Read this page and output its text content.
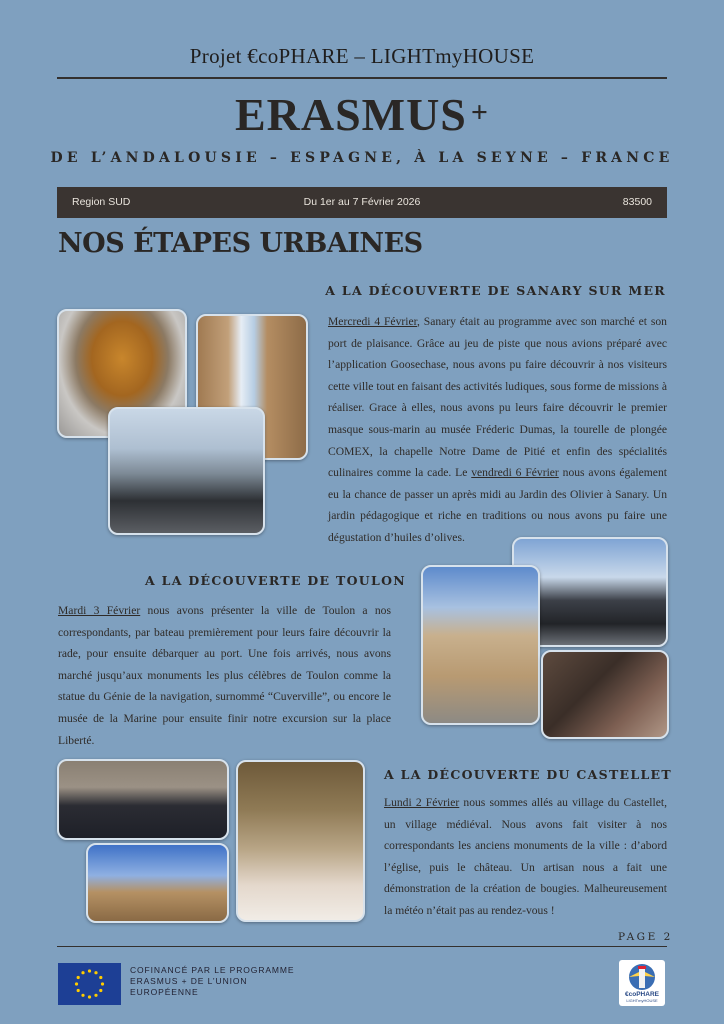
Projet €coPHARE – LIGHTmyHOUSE
ERASMUS +
DE L’ANDALOUSIE – ESPAGNE, À LA SEYNE – FRANCE
Region SUD	Du 1er au 7 Février 2026	83500
NOS ÉTAPES URBAINES
A LA DÉCOUVERTE DE SANARY SUR MER
Mercredi 4 Février, Sanary était au programme avec son marché et son port de plaisance. Grâce au jeu de piste que nous avions préparé avec l’application Goosechase, nous avons pu faire découvrir à nos visiteurs cette ville tout en faisant des activités ludiques, sous forme de missions à réaliser. Grace à elles, nous avons pu leurs faire découvrir le premier masque sous-marin au musée Fréderic Dumas, la tourelle de plongée COMEX, la chapelle Notre Dame de Pitié et enfin des spécialités culinaires comme la cade. Le vendredi 6 Février nous avons également eu la chance de passer un après midi au Jardin des Olivier à Sanary. Un jardin pédagogique et riche en traditions ou nous avons pu faire une dégustation d’huiles d’olives.
A LA DÉCOUVERTE DE TOULON
Mardi 3 Février nous avons présenter la ville de Toulon a nos correspondants, par bateau premièrement pour leurs faire découvrir la rade, pour ensuite débarquer au port. Une fois arrivés, nous avons marché jusqu’aux monuments les plus célèbres de Toulon comme la statue du Génie de la navigation, surnommé “Cuverville”, ou encore le musée de la Marine pour ensuite finir notre excursion sur la place Liberté.
A LA DÉCOUVERTE DU CASTELLET
Lundi 2 Février nous sommes allés au village du Castellet, un village médiéval. Nous avons fait visiter à nos correspondants les anciens monuments de la ville : d’abord l’église, puis le château. Un artisan nous a fait une démonstration de la création de bougies. Malheureusement la météo n’était pas au rendez-vous !
PAGE 2
COFINANCÉ PAR LE PROGRAMME
ERASMUS + DE L’UNION
EUROPÉENNE	€coPHARE
LIGHTmyHOUSE
